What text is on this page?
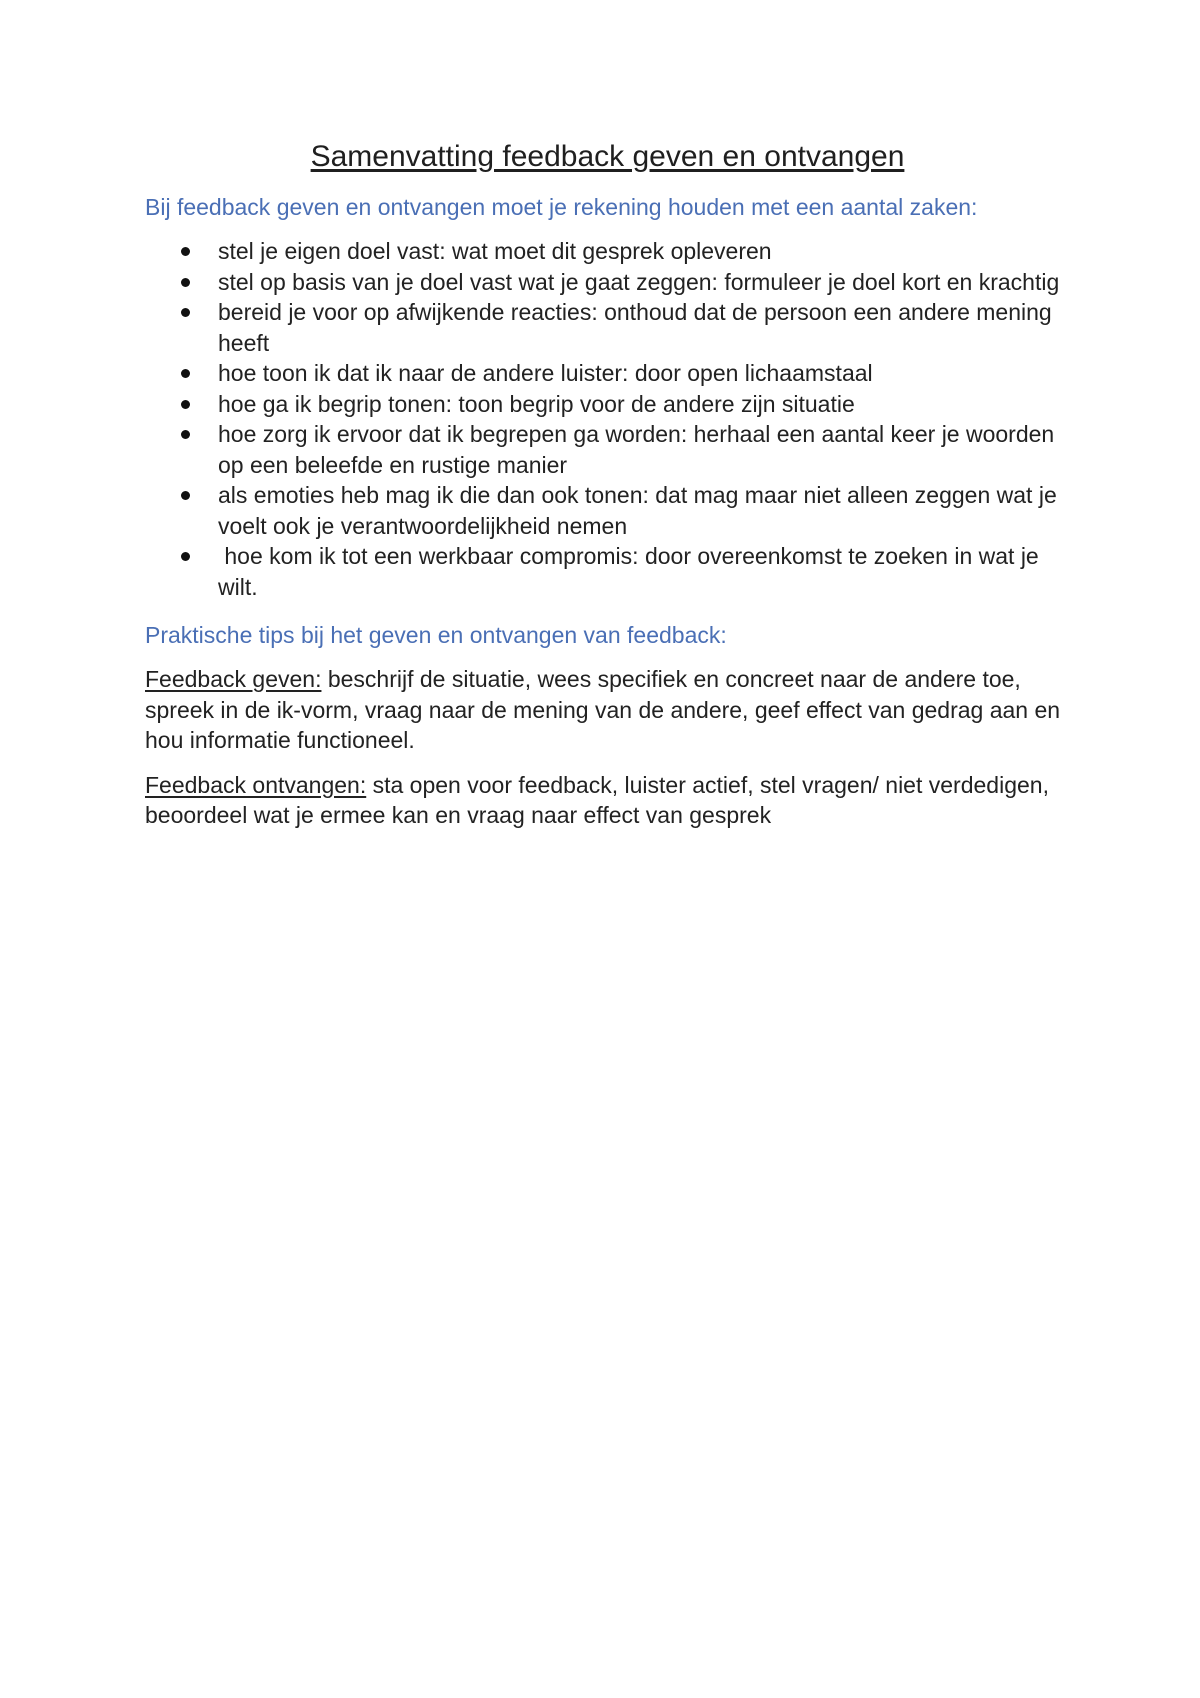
Samenvatting feedback geven en ontvangen

Bij feedback geven en ontvangen moet je rekening houden met een aantal zaken:

stel je eigen doel vast: wat moet dit gesprek opleveren
stel op basis van je doel vast wat je gaat zeggen: formuleer je doel kort en krachtig
bereid je voor op afwijkende reacties: onthoud dat de persoon een andere mening heeft
hoe toon ik dat ik naar de andere luister: door open lichaamstaal
hoe ga ik begrip tonen: toon begrip voor de andere zijn situatie
hoe zorg ik ervoor dat ik begrepen ga worden: herhaal een aantal keer je woorden op een beleefde en rustige manier
als emoties heb mag ik die dan ook tonen: dat mag maar niet alleen zeggen wat je voelt ook je verantwoordelijkheid nemen
hoe kom ik tot een werkbaar compromis: door overeenkomst te zoeken in wat je wilt.

Praktische tips bij het geven en ontvangen van feedback:

Feedback geven: beschrijf de situatie, wees specifiek en concreet naar de andere toe, spreek in de ik-vorm, vraag naar de mening van de andere, geef effect van gedrag aan en hou informatie functioneel.

Feedback ontvangen: sta open voor feedback, luister actief, stel vragen/ niet verdedigen, beoordeel wat je ermee kan en vraag naar effect van gesprek
